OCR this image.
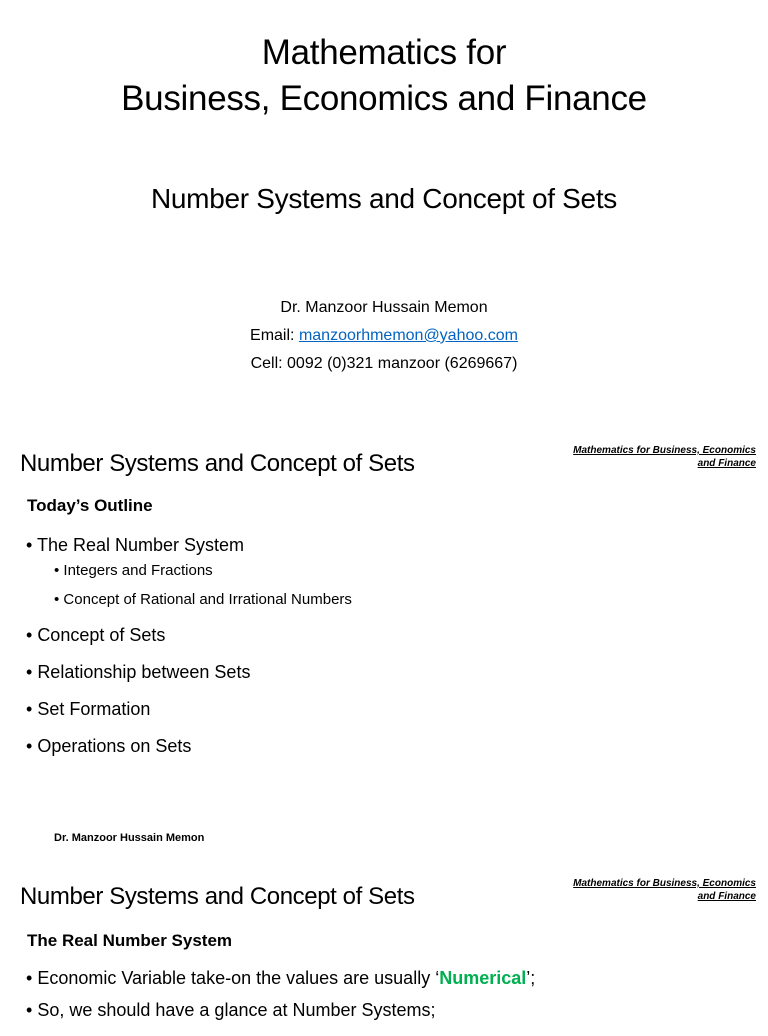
Mathematics for
Business, Economics and Finance
Number Systems and Concept of Sets
Dr. Manzoor Hussain Memon
Email: manzoorhmemon@yahoo.com
Cell: 0092 (0)321 manzoor (6269667)
Number Systems and Concept of Sets	Mathematics for Business, Economics
and Finance
Today’s Outline
• The Real Number System
• Integers and Fractions
• Concept of Rational and Irrational Numbers
• Concept of Sets
• Relationship between Sets
• Set Formation
• Operations on Sets
Dr. Manzoor Hussain Memon
Number Systems and Concept of Sets	Mathematics for Business, Economics
and Finance
The Real Number System
• Economic Variable take-on the values are usually ‘Numerical’;
• So, we should have a glance at Number Systems;
